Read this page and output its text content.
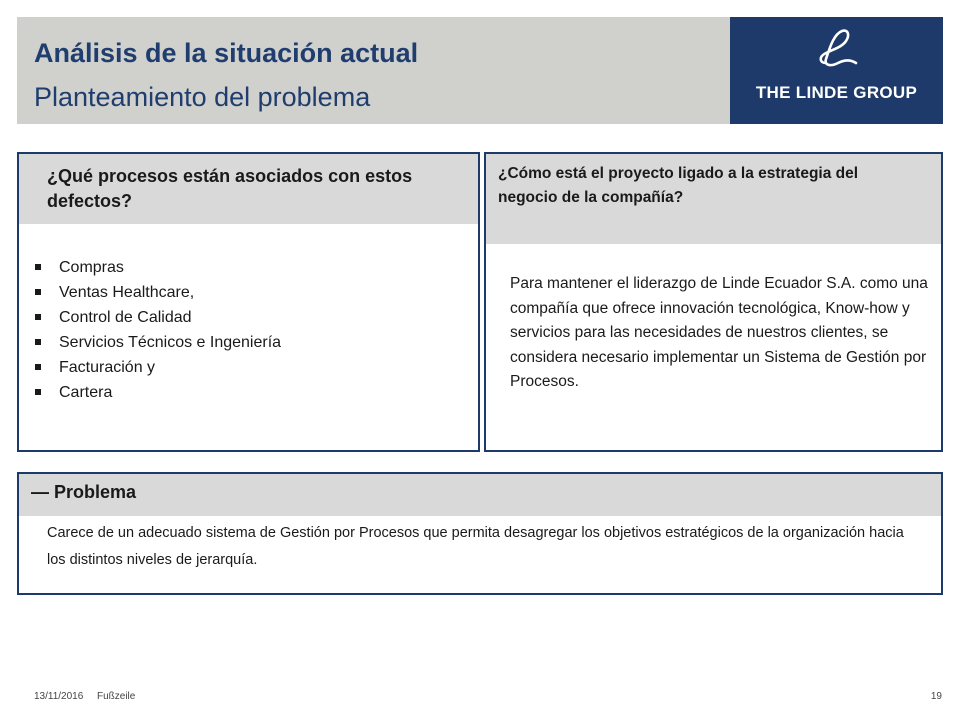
Análisis de la situación actual
Planteamiento del problema	THE LINDE GROUP
¿Qué procesos están asociados con estos defectos?
Compras
Ventas Healthcare,
Control de Calidad
Servicios Técnicos e Ingeniería
Facturación y
Cartera
¿Cómo está el proyecto ligado a la estrategia del negocio de la compañía?
Para mantener el liderazgo de Linde Ecuador S.A. como una compañía que ofrece innovación tecnológica, Know-how y servicios para las necesidades de nuestros clientes, se considera necesario implementar un Sistema de Gestión por Procesos.
— Problema
Carece de un adecuado sistema de Gestión por Procesos que permita desagregar los objetivos estratégicos de la organización hacia los distintos niveles de jerarquía.
13/11/2016 Fußzeile	19
